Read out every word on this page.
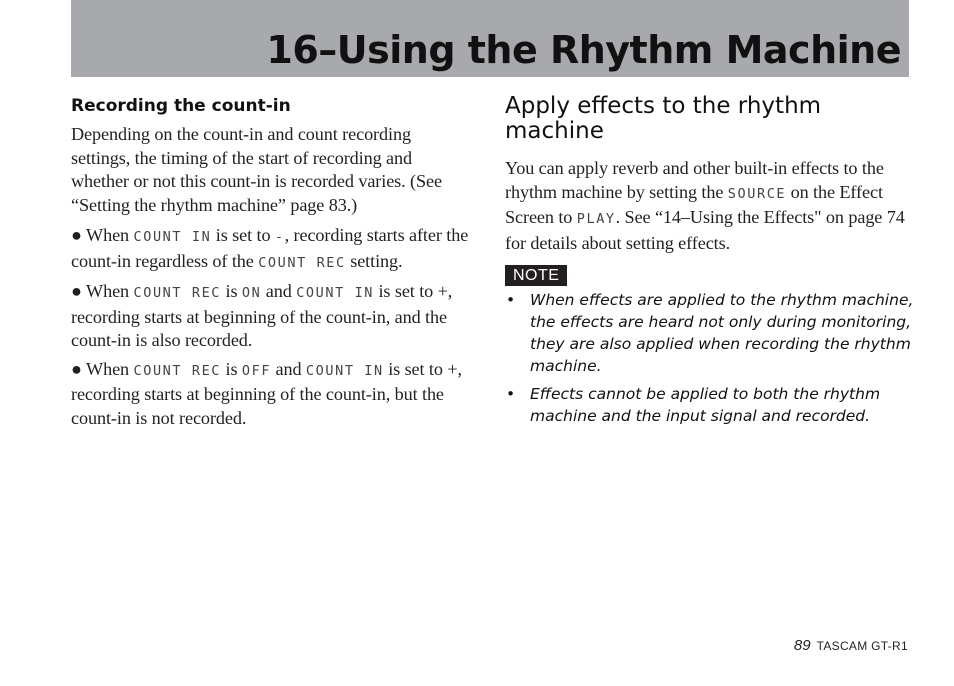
16–Using the Rhythm Machine
Recording the count-in

Depending on the count-in and count recording settings, the timing of the start of recording and whether or not this count-in is recorded varies. (See “Setting the rhythm machine” page 83.)

● When COUNT IN is set to -, recording starts after the count-in regardless of the COUNT REC setting.

● When COUNT REC is ON and COUNT IN is set to +, recording starts at beginning of the count-in, and the count-in is also recorded.

● When COUNT REC is OFF and COUNT IN is set to +, recording starts at beginning of the count-in, but the count-in is not recorded.

Apply effects to the rhythm machine

You can apply reverb and other built-in effects to the rhythm machine by setting the SOURCE on the Effect Screen to PLAY. See “14–Using the Effects" on page 74 for details about setting effects.

NOTE
• When effects are applied to the rhythm machine, the effects are heard not only during monitoring, they are also applied when recording the rhythm machine.
• Effects cannot be applied to both the rhythm machine and the input signal and recorded.
89 TASCAM GT-R1
